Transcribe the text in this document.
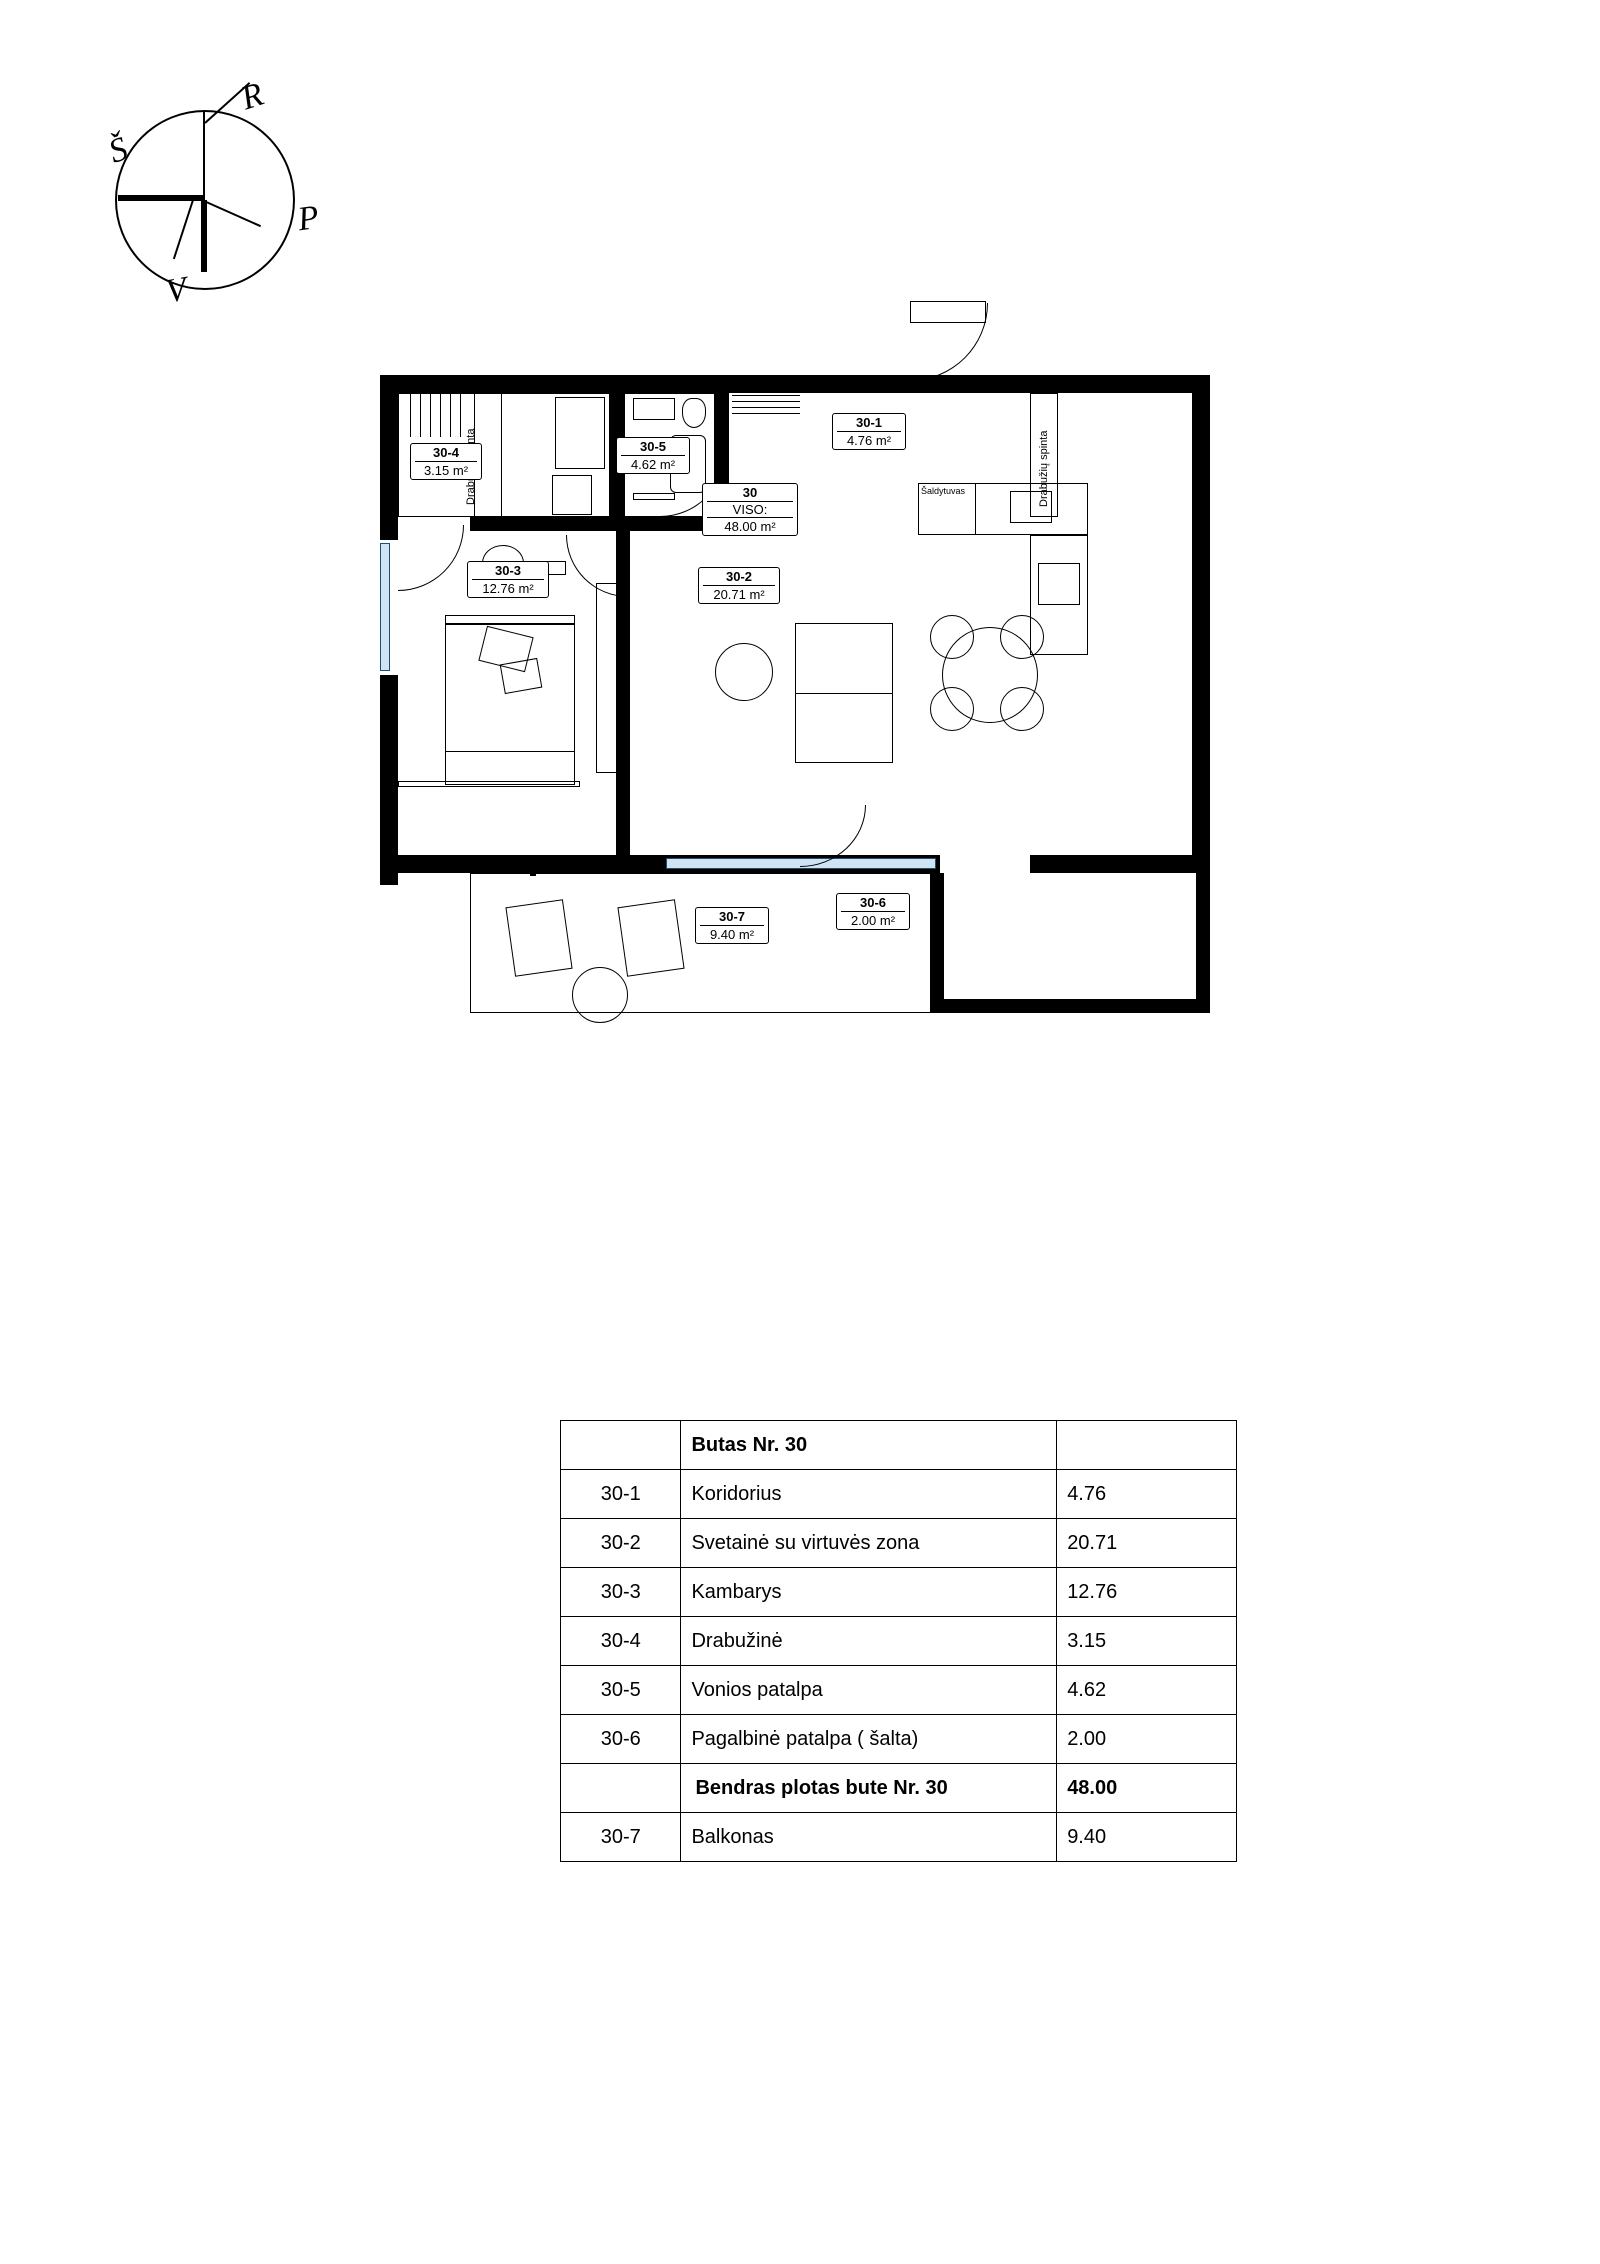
R
Š
P
V
Drabužių spinta
Skalbyklė
Šaldytuvas
30-4
3.15 m²
30-5
4.62 m²
30-1
4.76 m²
30-3
12.76 m²
30-2
20.71 m²
30-7
9.40 m²
30-6
2.00 m²
30
VISO:
48.00 m²
	Butas Nr. 30	
30-1	Koridorius	4.76
30-2	Svetainė su virtuvės zona	20.71
30-3	Kambarys	12.76
30-4	Drabužinė	3.15
30-5	Vonios patalpa	4.62
30-6	Pagalbinė patalpa ( šalta)	2.00
	Bendras plotas bute Nr. 30	48.00
30-7	Balkonas	9.40
